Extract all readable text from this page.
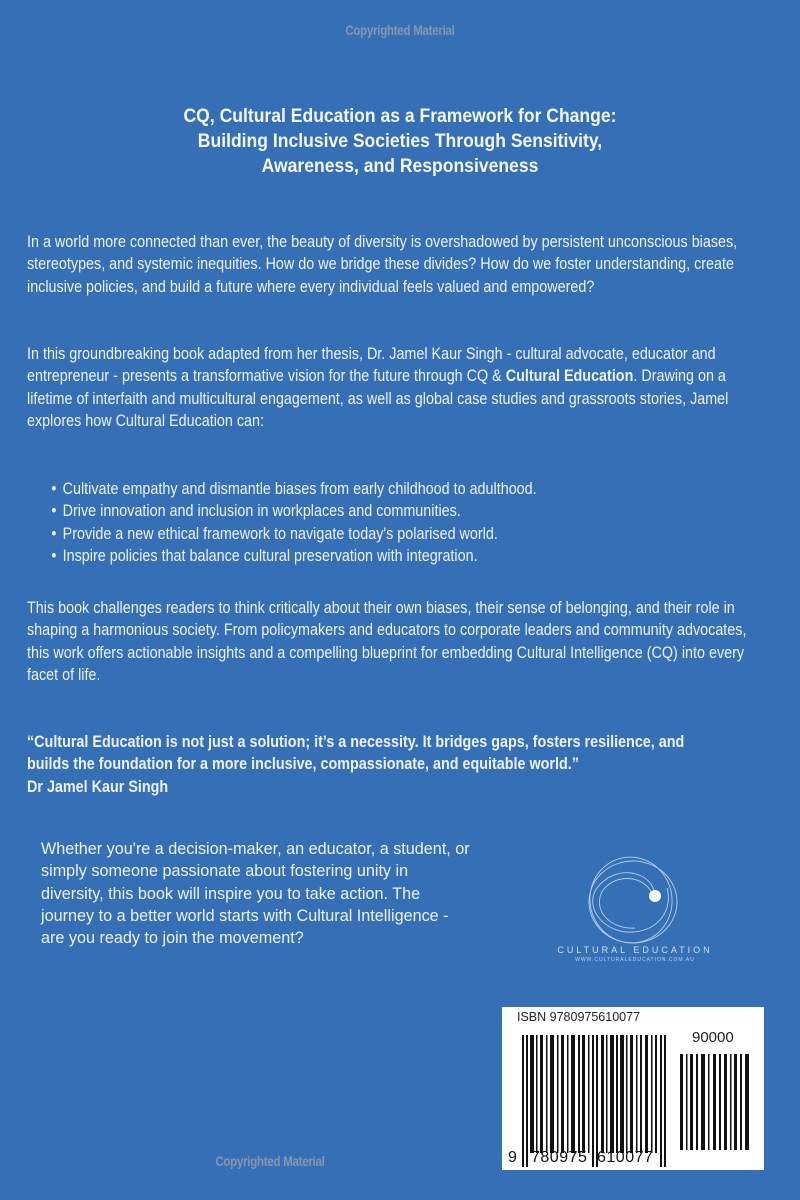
Copyrighted Material
CQ, Cultural Education as a Framework for Change:
Building Inclusive Societies Through Sensitivity,
Awareness, and Responsiveness
In a world more connected than ever, the beauty of diversity is overshadowed by persistent unconscious biases, stereotypes, and systemic inequities. How do we bridge these divides? How do we foster understanding, create inclusive policies, and build a future where every individual feels valued and empowered?
In this groundbreaking book adapted from her thesis, Dr. Jamel Kaur Singh - cultural advocate, educator and entrepreneur - presents a transformative vision for the future through CQ & Cultural Education. Drawing on a lifetime of interfaith and multicultural engagement, as well as global case studies and grassroots stories, Jamel explores how Cultural Education can:
• Cultivate empathy and dismantle biases from early childhood to adulthood.
• Drive innovation and inclusion in workplaces and communities.
• Provide a new ethical framework to navigate today's polarised world.
• Inspire policies that balance cultural preservation with integration.
This book challenges readers to think critically about their own biases, their sense of belonging, and their role in shaping a harmonious society. From policymakers and educators to corporate leaders and community advocates, this work offers actionable insights and a compelling blueprint for embedding Cultural Intelligence (CQ) into every facet of life.
“Cultural Education is not just a solution; it’s a necessity. It bridges gaps, fosters resilience, and builds the foundation for a more inclusive, compassionate, and equitable world.”
Dr Jamel Kaur Singh
Whether you're a decision-maker, an educator, a student, or simply someone passionate about fostering unity in diversity, this book will inspire you to take action. The journey to a better world starts with Cultural Intelligence - are you ready to join the movement?
CULTURAL EDUCATION
WWW.CULTURALEDUCATION.COM.AU
ISBN 9780975610077
90000
9 780975 610077
Copyrighted Material
